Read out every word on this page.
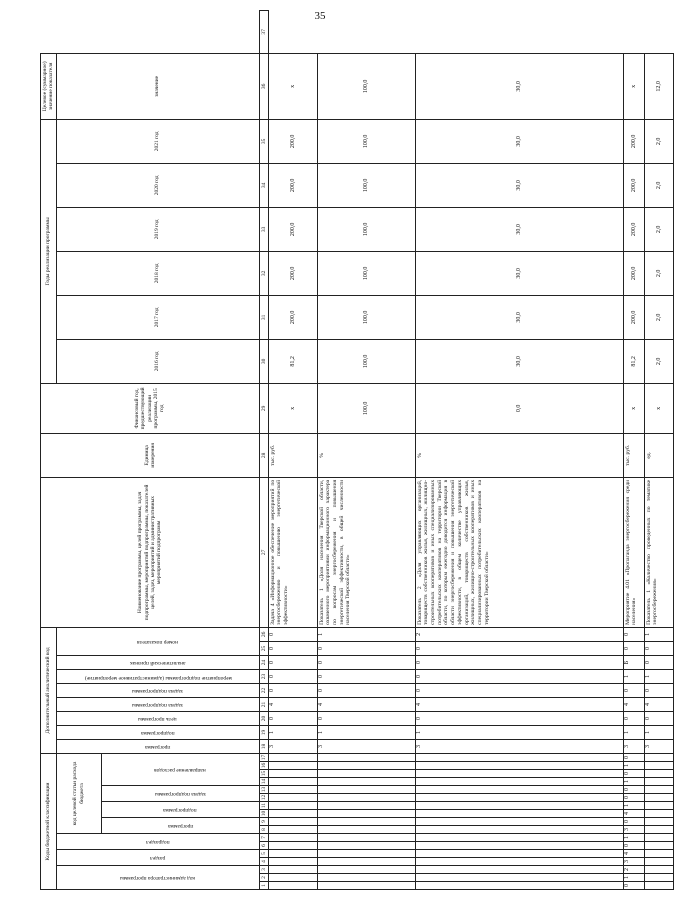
35
Коды бюджетной классификации																	Дополнительный аналитический код									Наименование программы, целей программы, задач подпрограммы, мероприятий подпрограммы, показателей целей, задач, мероприятий и административных мероприятий подпрограмм	Единица измерения	Финансовый год, предшествующий реализации программы, 2015 год	Годы реализации программы						Целевое (суммарное) значение показателя	

код администратора программы			раздел		подраздел		код целевой статьи расхода бюджета										программа	подпрограмма	цель программы	задача подпрограммы	задача подпрограммы	мероприятие подпрограммы (административное мероприятие)	аналитический признак	номер показателя					2016 год	2017 год	2018 год	2019 год	2020 год	2021 год	значение	

							программа		подпрограмма		задача подпрограммы		направление расходов																							

1	2	3	4	5	6	7	8	9	10	11	12	13	14	15	16	17	18	19	20	21	22	23	24	25	26	27	28	29	30	31	32	33	34	35	36	37
																	3	1	0	4	0	0	0	0	0	Задача 4 «Информационное обеспечение мероприятий по энергосбережению и повышению энергетической эффективности»	тыс. руб.	х	81,2	200,0	200,0	200,0	200,0	200,0	х	
																	3	1	0	4	0	0	0	0	1	Показатель 1 «Доля населения Тверской области, охваченного мероприятиями информационного характера по вопросам энергосбережения и повышения энергетической эффективности, в общей численности населения Тверской области»	%	100,0	100,0	100,0	100,0	100,0	100,0	100,0	100,0	
																	3	1	0	4	0	0	0	0	2	Показатель 2 «Доля управляющих организаций, товариществ собственников жилья, жилищных, жилищно-строительных кооперативов и иных специализированных потребительских кооперативов на территории Тверской области, по которым ежегодно доводится информация в области энергосбережения и повышения энергетической эффективности, в общем количестве управляющих организаций, товариществ собственников жилья, жилищных, жилищно-строительных кооперативов и иных специализированных потребительских кооперативов на территории Тверской области»	%	0,0	30,0	30,0	30,0	30,0	30,0	30,0	30,0	
0	1	2	3	4	0	1	3	0	4	1	0	0	1	0	1	0	3	1	0	4	0	1	Б	0	0	Мероприятие 4.01 «Пропаганда энергосбережения среди населения»	тыс. руб.	х	81,2	200,0	200,0	200,0	200,0	200,0	х	
																	3	1	0	4	0	1	0	0	1	Показатель 1 «Количество проведенных по тематике энергосбережения»	ед.	х	2,0	2,0	2,0	2,0	2,0	2,0	12,0	
